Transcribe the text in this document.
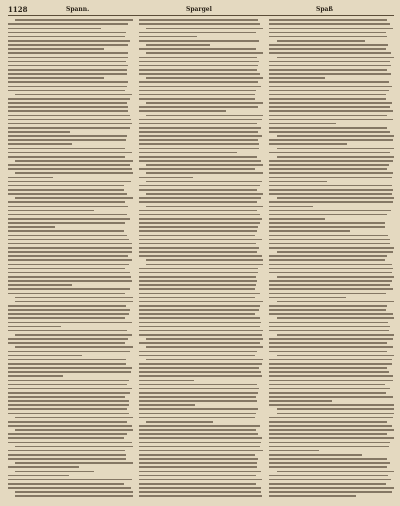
1128	Spann.	Spargel	Spaß
